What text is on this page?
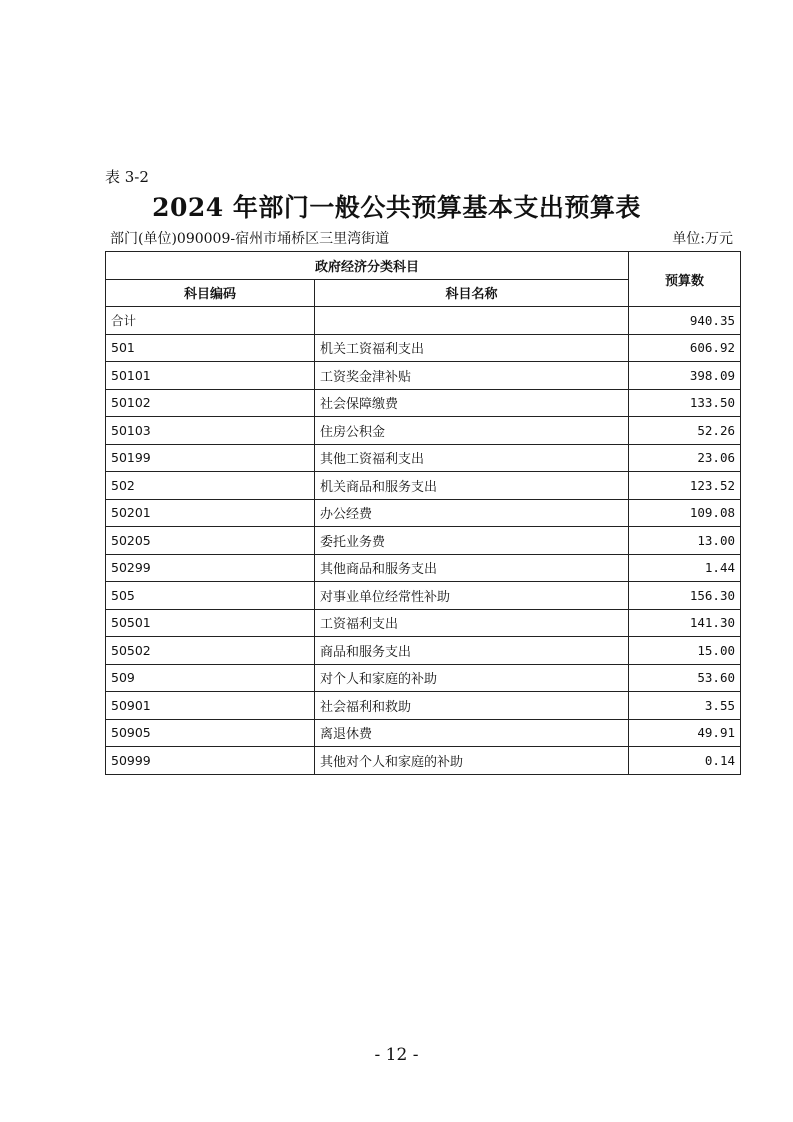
表 3-2
2024 年部门一般公共预算基本支出预算表
部门(单位)090009-宿州市埇桥区三里湾街道	单位:万元
政府经济分类科目		预算数
科目编码	科目名称	
合计		940.35
501	机关工资福利支出	606.92
50101	工资奖金津补贴	398.09
50102	社会保障缴费	133.50
50103	住房公积金	52.26
50199	其他工资福利支出	23.06
502	机关商品和服务支出	123.52
50201	办公经费	109.08
50205	委托业务费	13.00
50299	其他商品和服务支出	1.44
505	对事业单位经常性补助	156.30
50501	工资福利支出	141.30
50502	商品和服务支出	15.00
509	对个人和家庭的补助	53.60
50901	社会福利和救助	3.55
50905	离退休费	49.91
50999	其他对个人和家庭的补助	0.14
- 12 -
